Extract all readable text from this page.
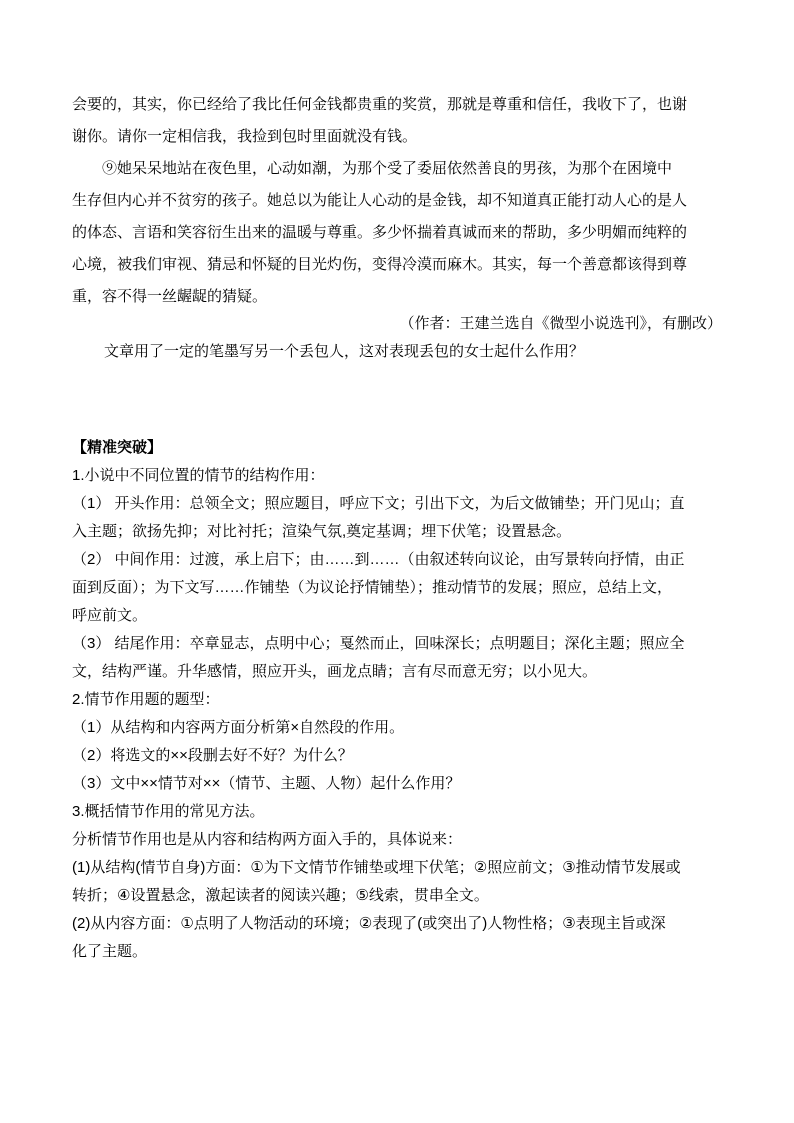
会要的，其实，你已经给了我比任何金钱都贵重的奖赏，那就是尊重和信任，我收下了，也谢
谢你。请你一定相信我，我捡到包时里面就没有钱。
⑨她呆呆地站在夜色里，心动如潮，为那个受了委屈依然善良的男孩，为那个在困境中
生存但内心并不贫穷的孩子。她总以为能让人心动的是金钱，却不知道真正能打动人心的是人
的体态、言语和笑容衍生出来的温暖与尊重。多少怀揣着真诚而来的帮助，多少明媚而纯粹的
心境，被我们审视、猜忌和怀疑的目光灼伤，变得冷漠而麻木。其实，每一个善意都该得到尊
重，容不得一丝龌龊的猜疑。
（作者：王建兰选自《微型小说选刊》，有删改）
文章用了一定的笔墨写另一个丢包人，这对表现丢包的女士起什么作用？
【精准突破】
1.小说中不同位置的情节的结构作用：
（1） 开头作用：总领全文；照应题目，呼应下文；引出下文，为后文做铺垫；开门见山；直
入主题；欲扬先抑；对比衬托；渲染气氛,奠定基调；埋下伏笔；设置悬念。
（2） 中间作用：过渡，承上启下；由……到……（由叙述转向议论，由写景转向抒情，由正
面到反面）；为下文写……作铺垫（为议论抒情铺垫）；推动情节的发展；照应，总结上文，
呼应前文。
（3） 结尾作用：卒章显志，点明中心；戛然而止，回味深长；点明题目；深化主题；照应全
文，结构严谨。升华感情，照应开头，画龙点睛；言有尽而意无穷；以小见大。
2.情节作用题的题型：
（1）从结构和内容两方面分析第×自然段的作用。
（2）将选文的××段删去好不好？为什么？
（3）文中××情节对××（情节、主题、人物）起什么作用？
3.概括情节作用的常见方法。
分析情节作用也是从内容和结构两方面入手的，具体说来：
(1)从结构(情节自身)方面：①为下文情节作铺垫或埋下伏笔；②照应前文；③推动情节发展或
转折；④设置悬念，激起读者的阅读兴趣；⑤线索，贯串全文。
(2)从内容方面：①点明了人物活动的环境；②表现了(或突出了)人物性格；③表现主旨或深
化了主题。
